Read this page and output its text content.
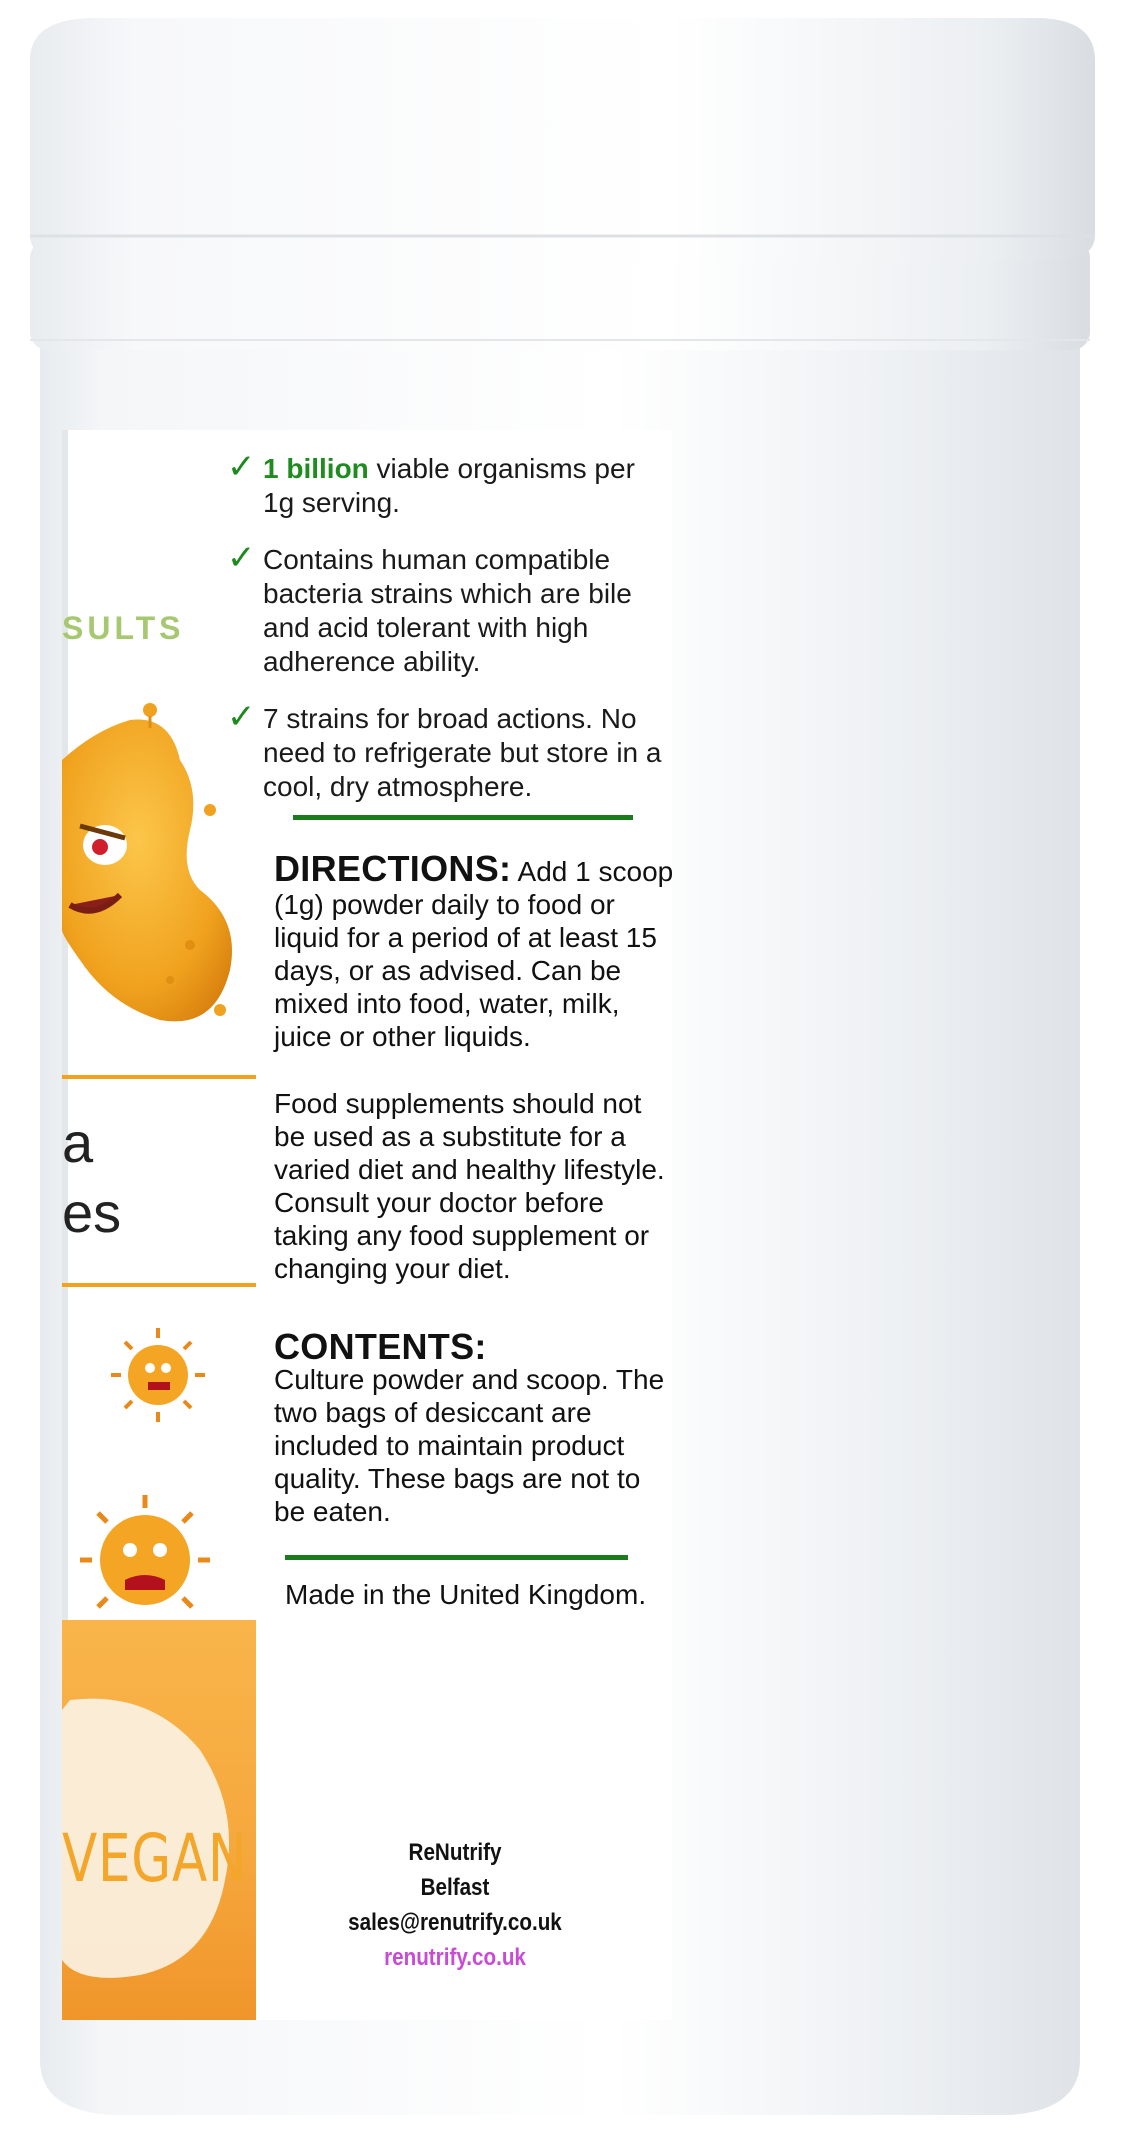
SULTS
a
es
VEGAN
✓ 1 billion viable organisms per 1g serving.
✓ Contains human compatible bacteria strains which are bile and acid tolerant with high adherence ability.
✓ 7 strains for broad actions. No need to refrigerate but store in a cool, dry atmosphere.
DIRECTIONS: Add 1 scoop (1g) powder daily to food or liquid for a period of at least 15 days, or as advised. Can be mixed into food, water, milk, juice or other liquids.
Food supplements should not be used as a substitute for a varied diet and healthy lifestyle. Consult your doctor before taking any food supplement or changing your diet.
CONTENTS:
Culture powder and scoop. The two bags of desiccant are included to maintain product quality. These bags are not to be eaten.
Made in the United Kingdom.
ReNutrify
Belfast
sales@renutrify.co.uk
renutrify.co.uk
